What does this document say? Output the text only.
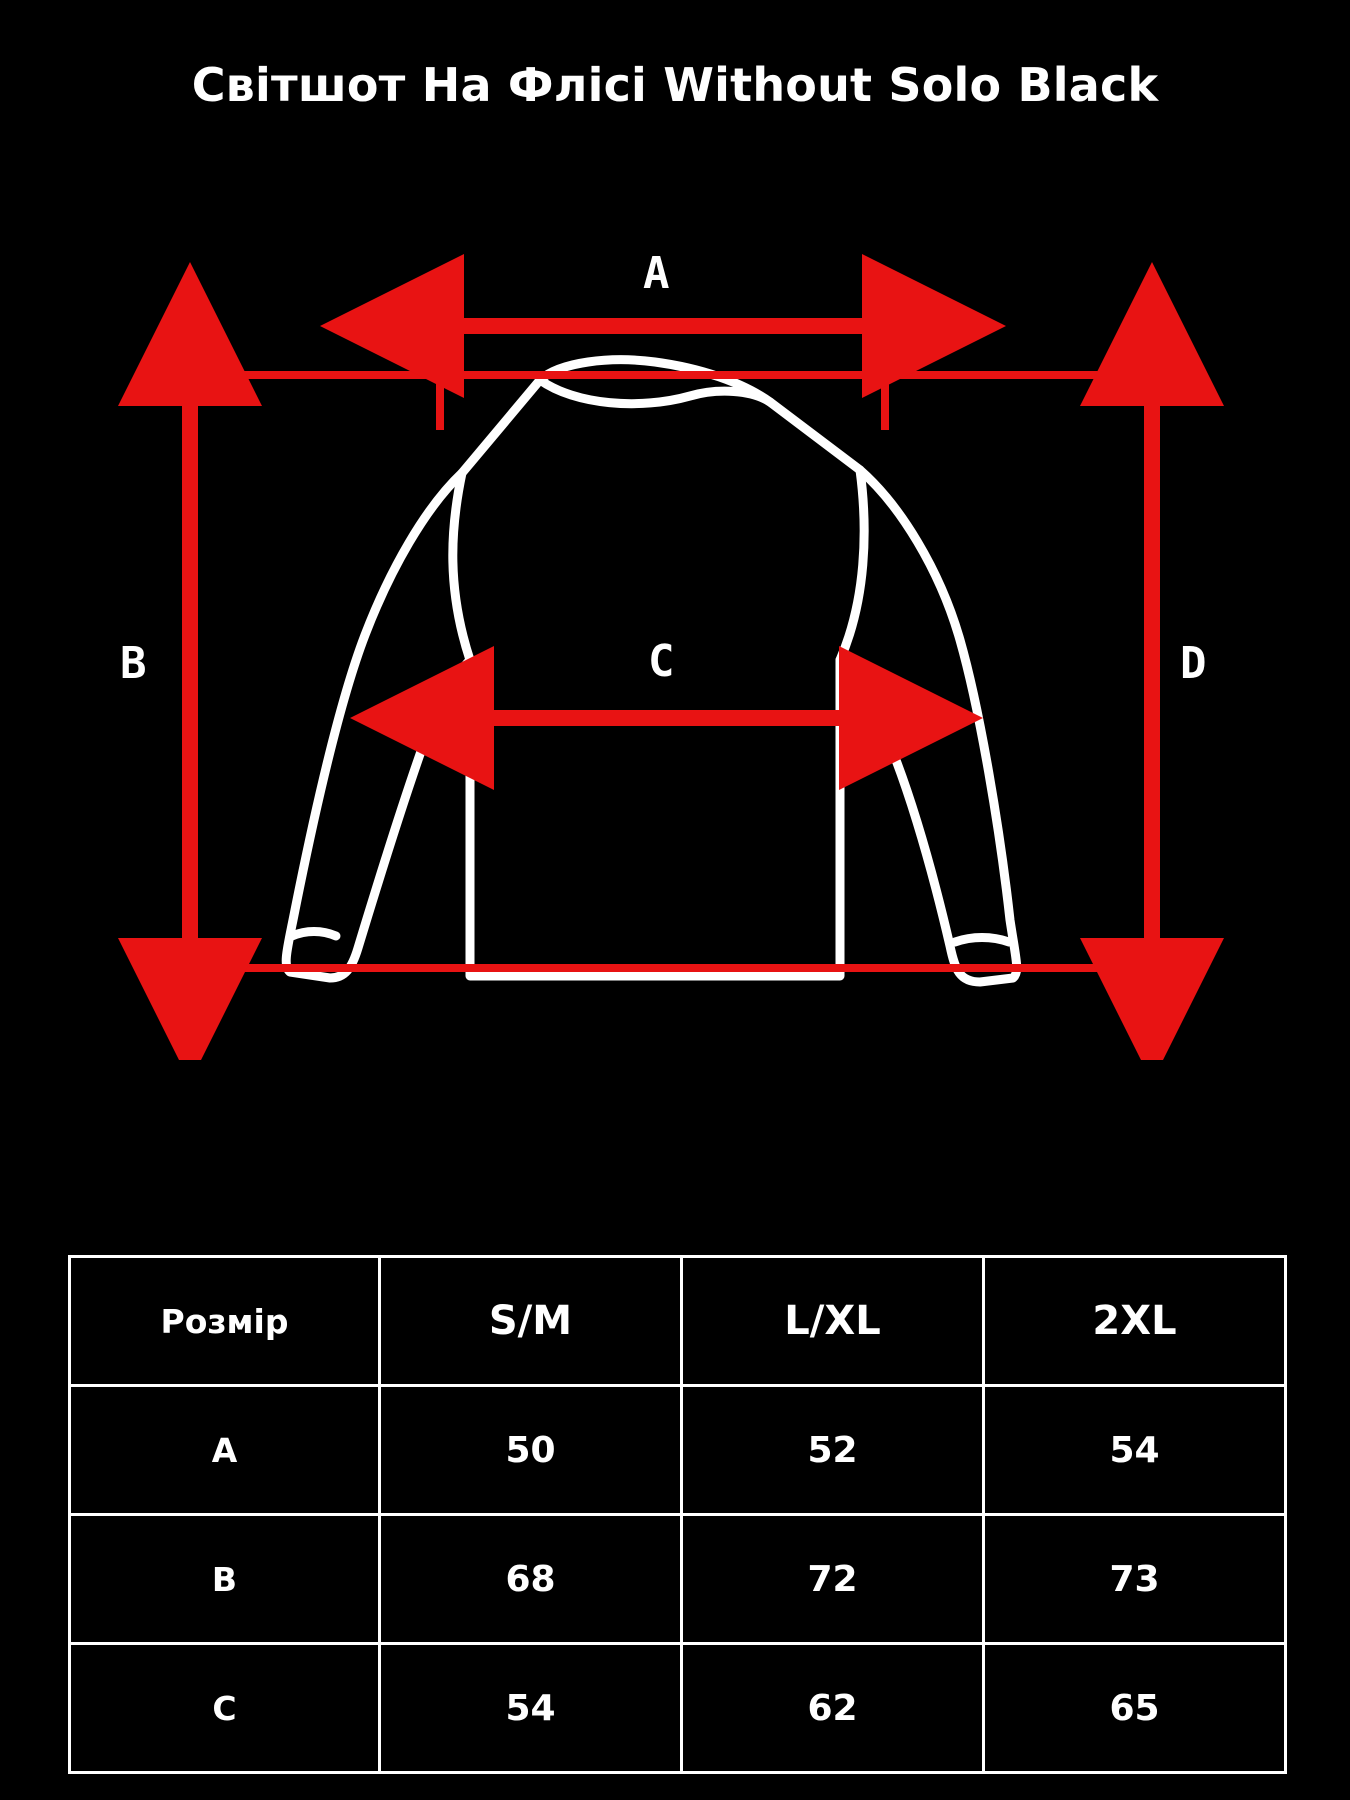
Світшот На Фліcі Without Solo Black
A
B	C	D
Розмір	S/M	L/XL	2XL
A	50	52	54
B	68	72	73
C	54	62	65
